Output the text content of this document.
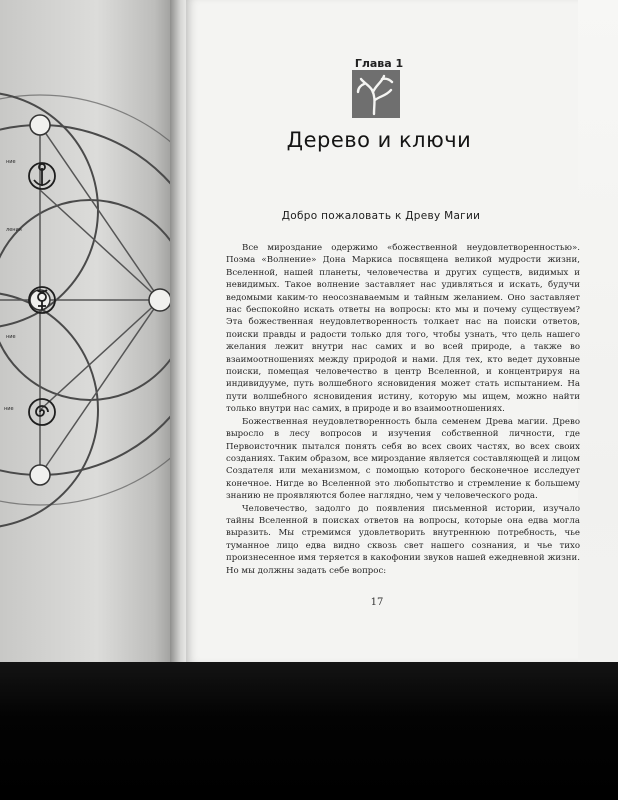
ние
ления
ние
ние
Глава 1
Дерево и ключи
Добро пожаловать к Древу Магии

Все мироздание одержимо «божественной неудовлетворенностью». Поэма «Волнение» Дона Маркиса посвящена великой мудрости жизни, Вселенной, нашей планеты, человечества и других существ, видимых и невидимых. Такое волнение заставляет нас удивляться и искать, будучи ведомыми каким-то неосознаваемым и тайным желанием. Оно заставляет нас беспокойно искать ответы на вопросы: кто мы и почему существуем? Эта божественная неудовлетворенность толкает нас на поиски ответов, поиски правды и радости только для того, чтобы узнать, что цель нашего желания лежит внутри нас самих и во всей природе, а также во взаимоотношениях между природой и нами. Для тех, кто ведет духовные поиски, помещая человечество в центр Вселенной, и концентрируя на индивидууме, путь волшебного ясновидения может стать испытанием. На пути волшебного ясновидения истину, которую мы ищем, можно найти только внутри нас самих, в природе и во взаимоотношениях.

Божественная неудовлетворенность была семенем Древа магии. Древо выросло в лесу вопросов и изучения собственной личности, где Первоисточник пытался понять себя во всех своих частях, во всех своих созданиях. Таким образом, все мироздание является составляющей и лицом Создателя или механизмом, с помощью которого бесконечное исследует конечное. Нигде во Вселенной это любопытство и стремление к большему знанию не проявляются более наглядно, чем у человеческого рода.

Человечество, задолго до появления письменной истории, изучало тайны Вселенной в поисках ответов на вопросы, которые она едва могла выразить. Мы стремимся удовлетворить внутреннюю потребность, чье туманное лицо едва видно сквозь свет нашего сознания, и чье тихо произнесенное имя теряется в какофонии звуков нашей ежедневной жизни. Но мы должны задать себе вопрос:

17
